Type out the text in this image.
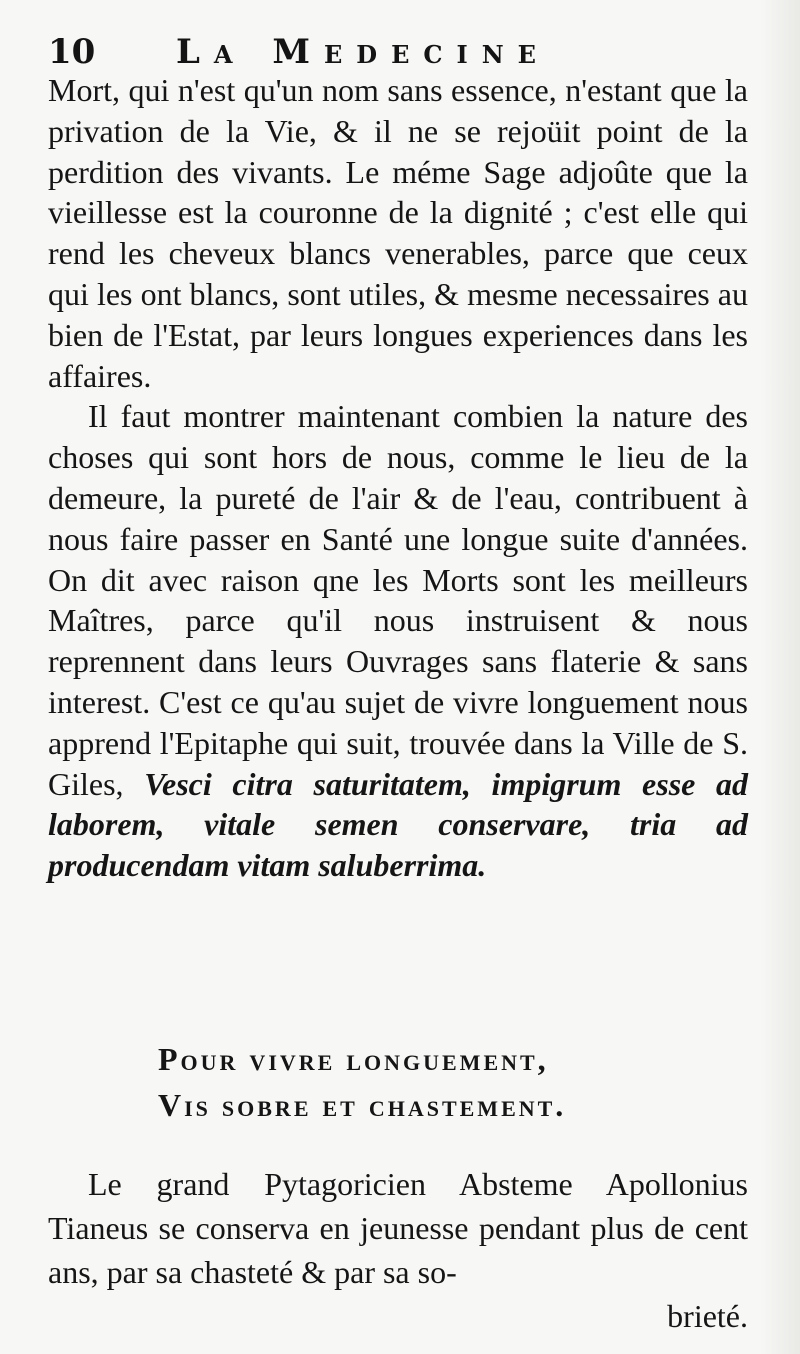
10 La Medecine

Mort, qui n'est qu'un nom sans essence, n'estant que la privation de la Vie, & il ne se rejoüit point de la perdition des vivants. Le méme Sage adjoûte que la vieillesse est la couronne de la dignité ; c'est elle qui rend les cheveux blancs venerables, parce que ceux qui les ont blancs, sont utiles, & mesme necessaires au bien de l'Estat, par leurs longues experiences dans les affaires.

Il faut montrer maintenant combien la nature des choses qui sont hors de nous, comme le lieu de la demeure, la pureté de l'air & de l'eau, contribuent à nous faire passer en Santé une longue suite d'années. On dit avec raison qne les Morts sont les meilleurs Maîtres, parce qu'il nous instruisent & nous reprennent dans leurs Ouvrages sans flaterie & sans interest. C'est ce qu'au sujet de vivre longuement nous apprend l'Epitaphe qui suit, trouvée dans la Ville de S. Giles, Vesci citra saturitatem, impigrum esse ad laborem, vitale semen conservare, tria ad producendam vitam saluberrima.

Pour vivre longuement,
Vis sobre et chastement.

Le grand Pytagoricien Absteme Apollonius Tianeus se conserva en jeunesse pendant plus de cent ans, par sa chasteté & par sa so-
brieté.
